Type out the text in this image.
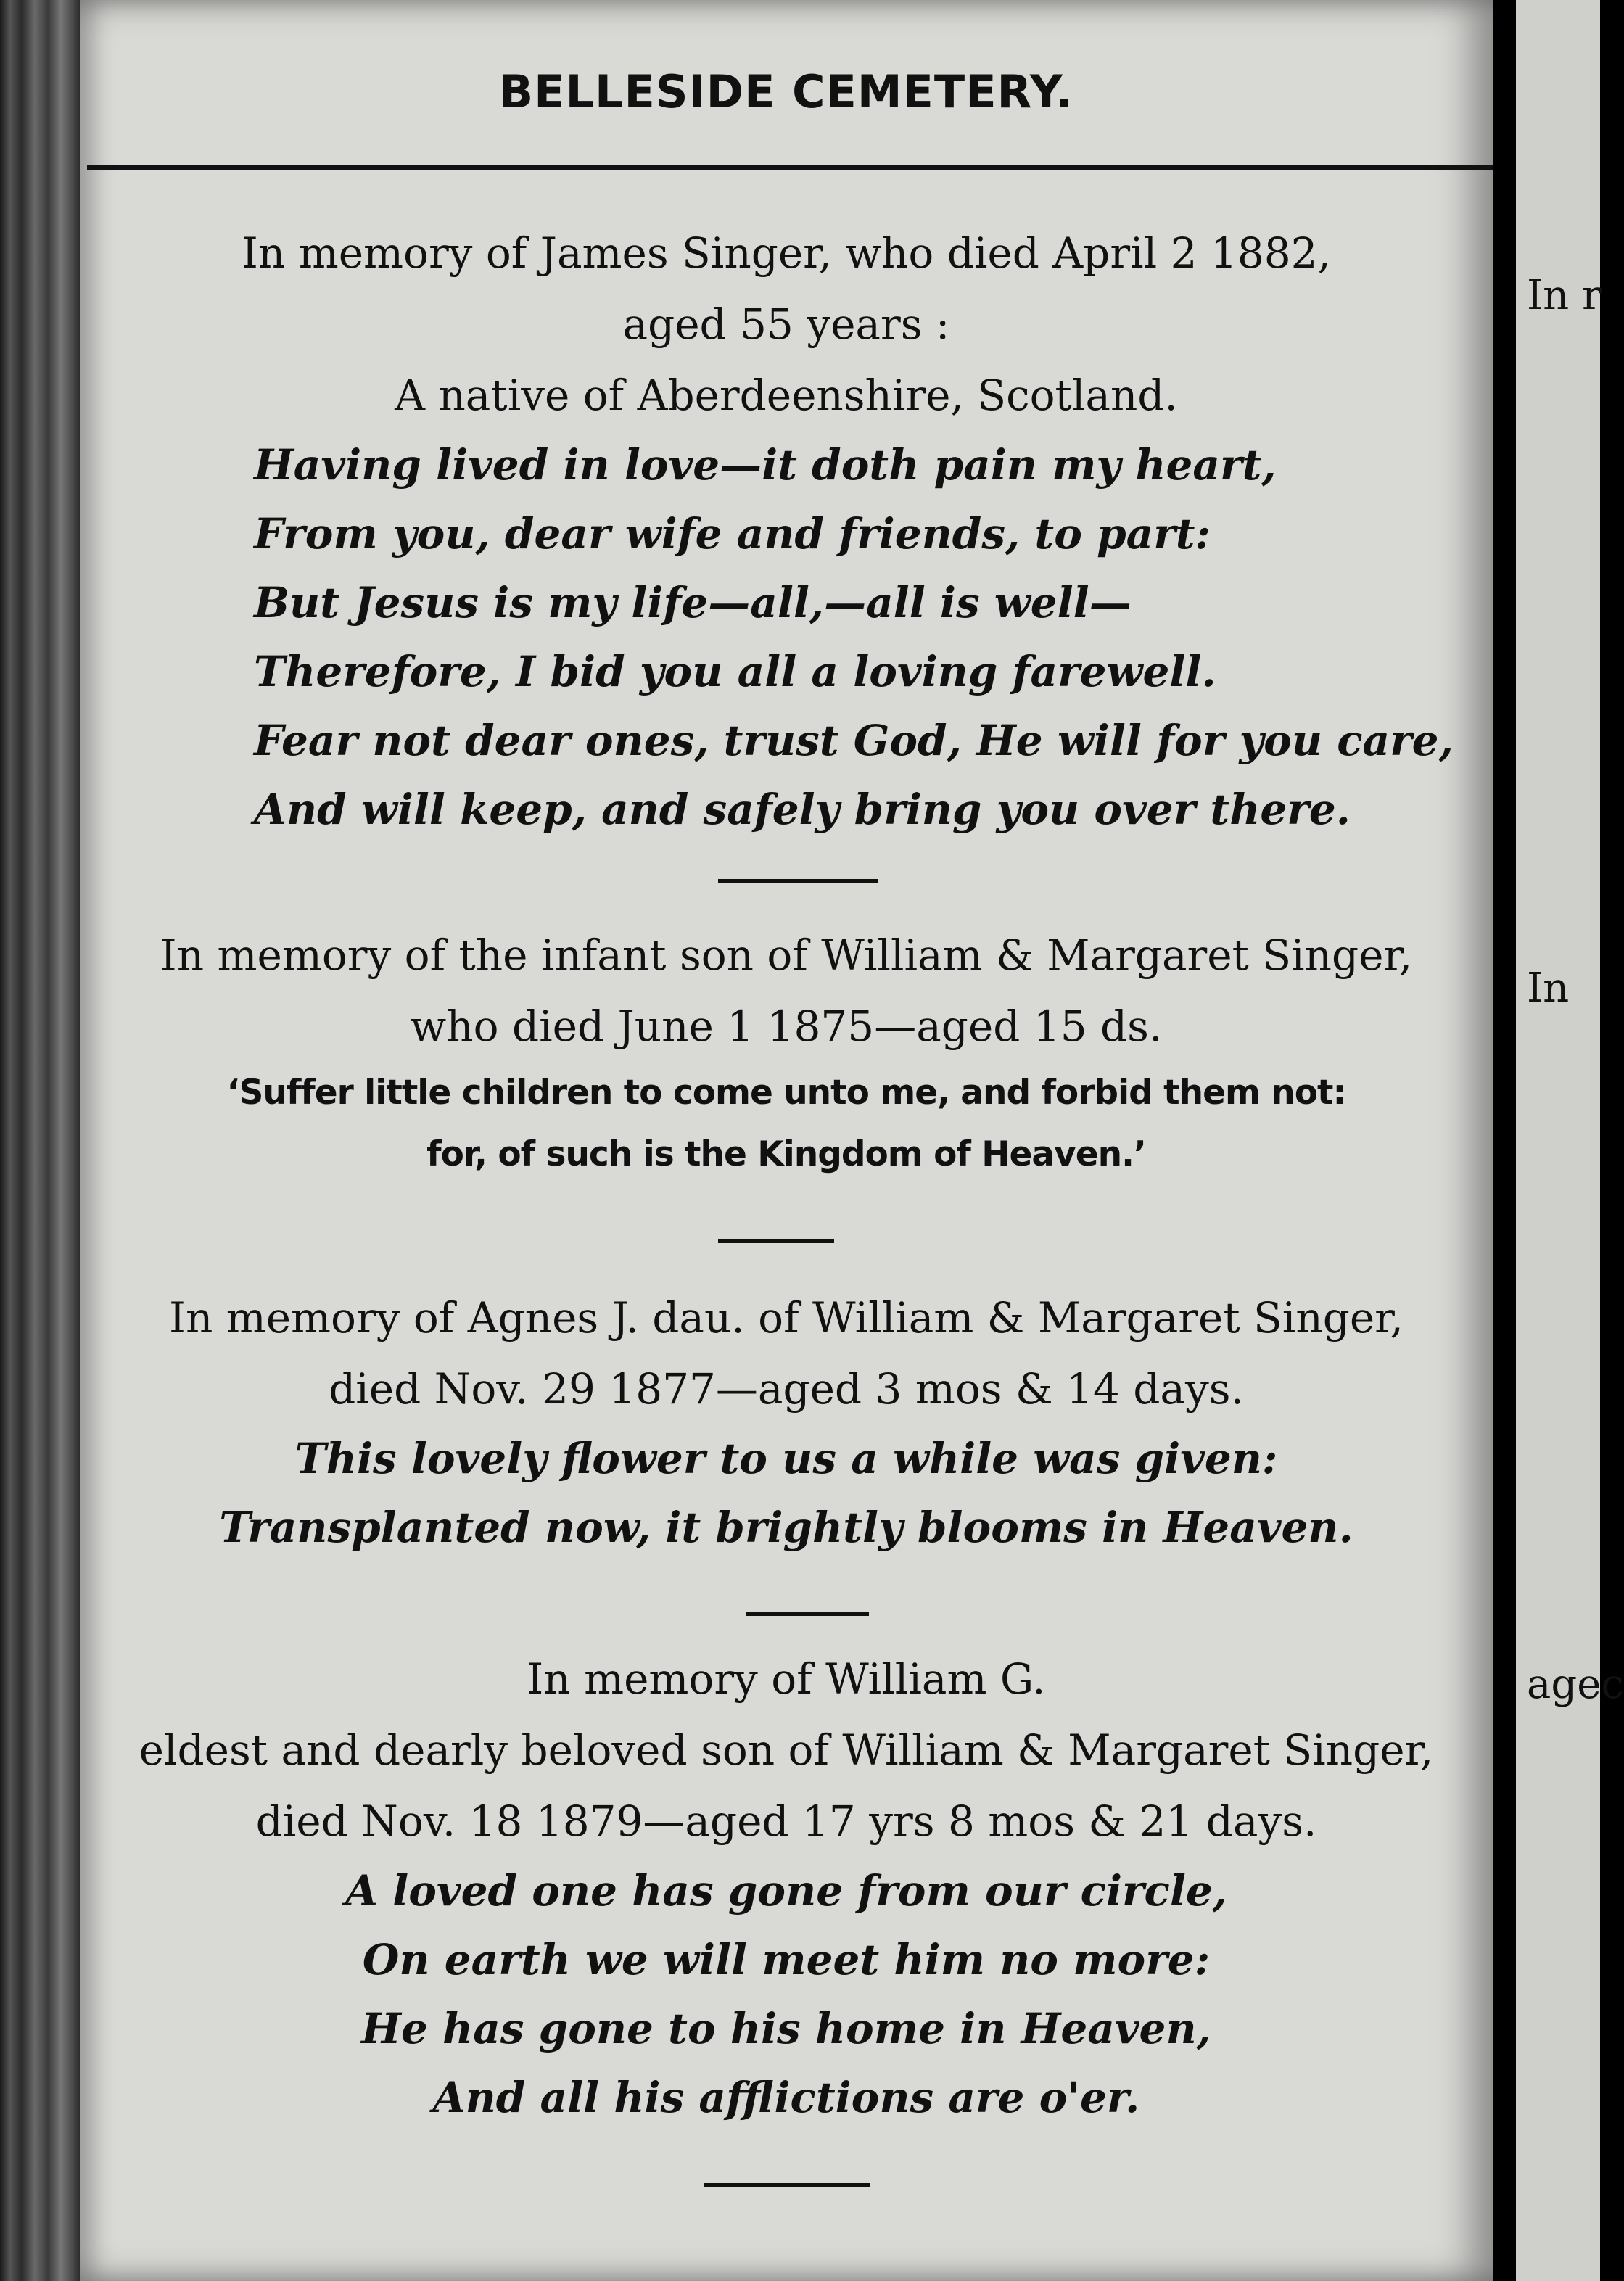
BELLESIDE CEMETERY.
In memory of James Singer, who died April 2 1882,
aged 55 years :
A native of Aberdeenshire, Scotland.
Having lived in love—it doth pain my heart,
From you, dear wife and friends, to part:
But Jesus is my life—all,—all is well—
Therefore, I bid you all a loving farewell.
Fear not dear ones, trust God, He will for you care,
And will keep, and safely bring you over there.
In memory of the infant son of William & Margaret Singer,
who died June 1 1875—aged 15 ds.
‘Suffer little children to come unto me, and forbid them not:
for, of such is the Kingdom of Heaven.’
In memory of Agnes J. dau. of William & Margaret Singer,
died Nov. 29 1877—aged 3 mos & 14 days.
This lovely flower to us a while was given:
Transplanted now, it brightly blooms in Heaven.
In memory of William G.
eldest and dearly beloved son of William & Margaret Singer,
died Nov. 18 1879—aged 17 yrs 8 mos & 21 days.
A loved one has gone from our circle,
On earth we will meet him no more:
He has gone to his home in Heaven,
And all his afflictions are o'er.
In r
In
agec
